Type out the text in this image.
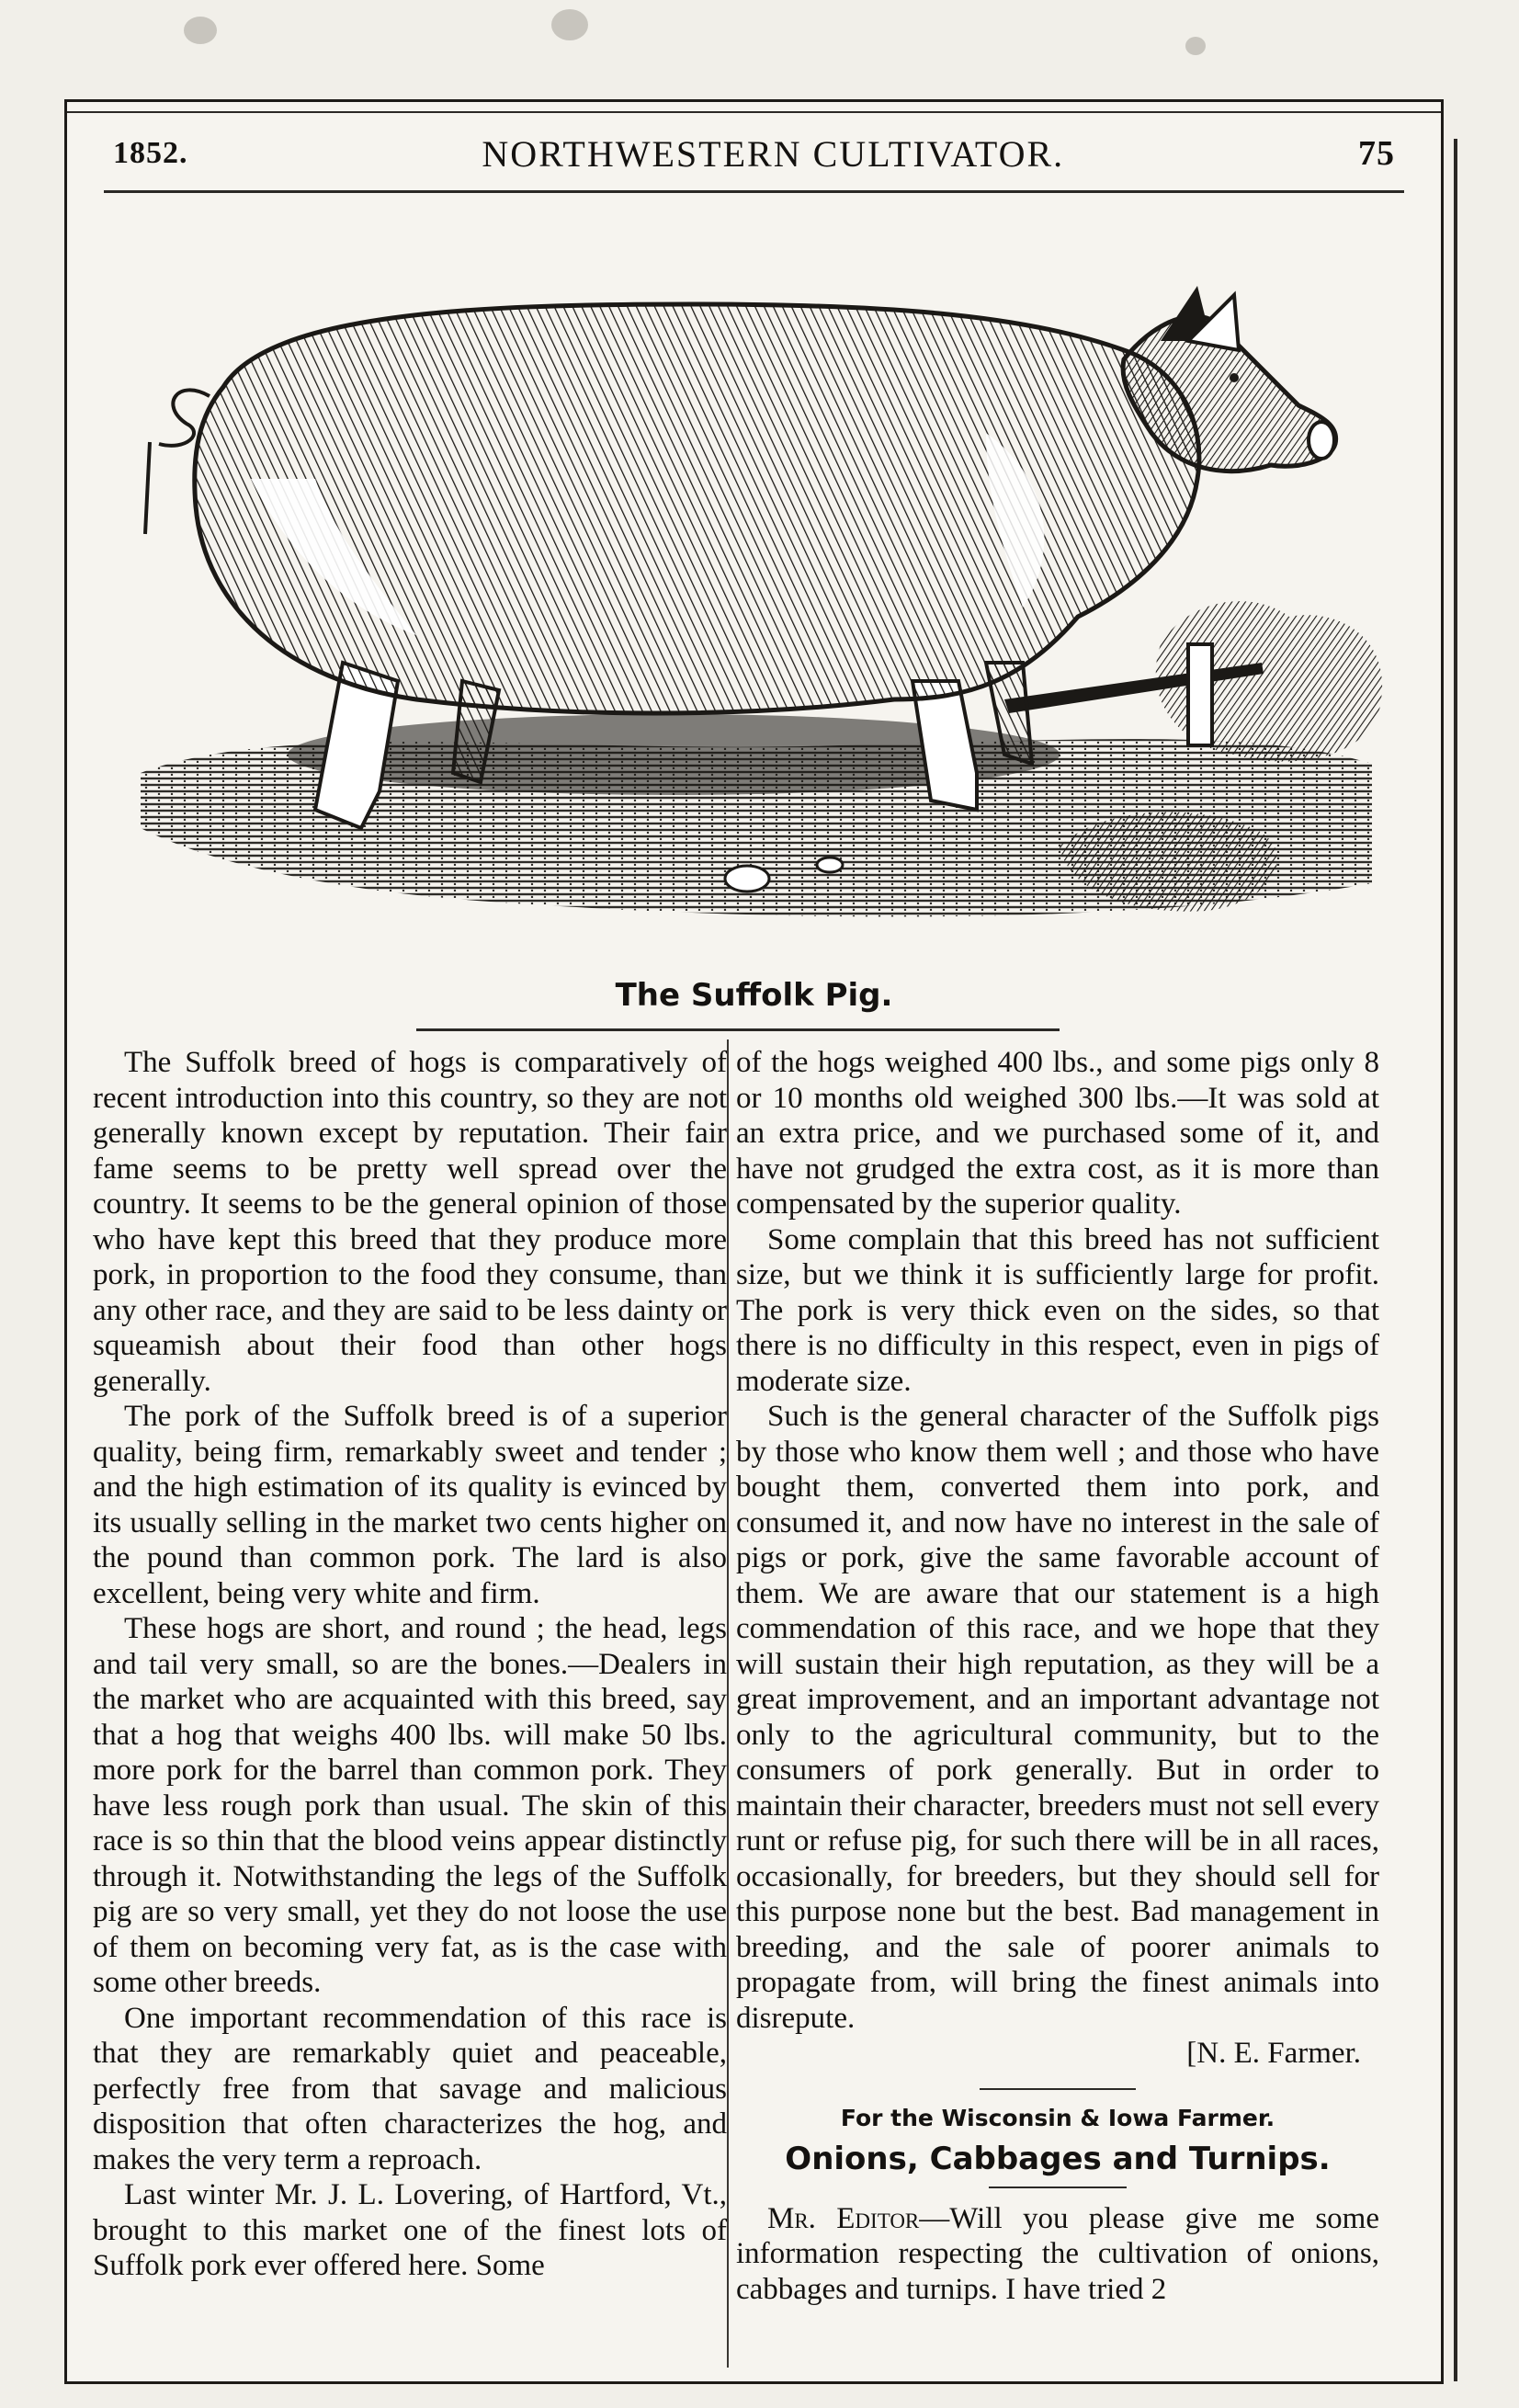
1852.	NORTHWESTERN CULTIVATOR.	75
The Suffolk Pig.

The Suffolk breed of hogs is comparatively of recent introduction into this country, so they are not generally known except by reputation. Their fair fame seems to be pretty well spread over the country. It seems to be the general opinion of those who have kept this breed that they produce more pork, in proportion to the food they consume, than any other race, and they are said to be less dainty or squeamish about their food than other hogs generally.

The pork of the Suffolk breed is of a superior quality, being firm, remarkably sweet and tender ; and the high estimation of its quality is evinced by its usually selling in the market two cents higher on the pound than common pork. The lard is also excellent, being very white and firm.

These hogs are short, and round ; the head, legs and tail very small, so are the bones.—Dealers in the market who are acquainted with this breed, say that a hog that weighs 400 lbs. will make 50 lbs. more pork for the barrel than common pork. They have less rough pork than usual. The skin of this race is so thin that the blood veins appear distinctly through it. Notwithstanding the legs of the Suffolk pig are so very small, yet they do not loose the use of them on becoming very fat, as is the case with some other breeds.

One important recommendation of this race is that they are remarkably quiet and peaceable, perfectly free from that savage and malicious disposition that often characterizes the hog, and makes the very term a reproach.

Last winter Mr. J. L. Lovering, of Hartford, Vt., brought to this market one of the finest lots of Suffolk pork ever offered here. Some

of the hogs weighed 400 lbs., and some pigs only 8 or 10 months old weighed 300 lbs.—It was sold at an extra price, and we purchased some of it, and have not grudged the extra cost, as it is more than compensated by the superior quality.

Some complain that this breed has not sufficient size, but we think it is sufficiently large for profit. The pork is very thick even on the sides, so that there is no difficulty in this respect, even in pigs of moderate size.

Such is the general character of the Suffolk pigs by those who know them well ; and those who have bought them, converted them into pork, and consumed it, and now have no interest in the sale of pigs or pork, give the same favorable account of them. We are aware that our statement is a high commendation of this race, and we hope that they will sustain their high reputation, as they will be a great improvement, and an important advantage not only to the agricultural community, but to the consumers of pork generally. But in order to maintain their character, breeders must not sell every runt or refuse pig, for such there will be in all races, occasionally, for breeders, but they should sell for this purpose none but the best. Bad management in breeding, and the sale of poorer animals to propagate from, will bring the finest animals into disrepute.

[N. E. Farmer.

For the Wisconsin & Iowa Farmer.
Onions, Cabbages and Turnips.

Mr. Editor—Will you please give me some information respecting the cultivation of onions, cabbages and turnips. I have tried 2
